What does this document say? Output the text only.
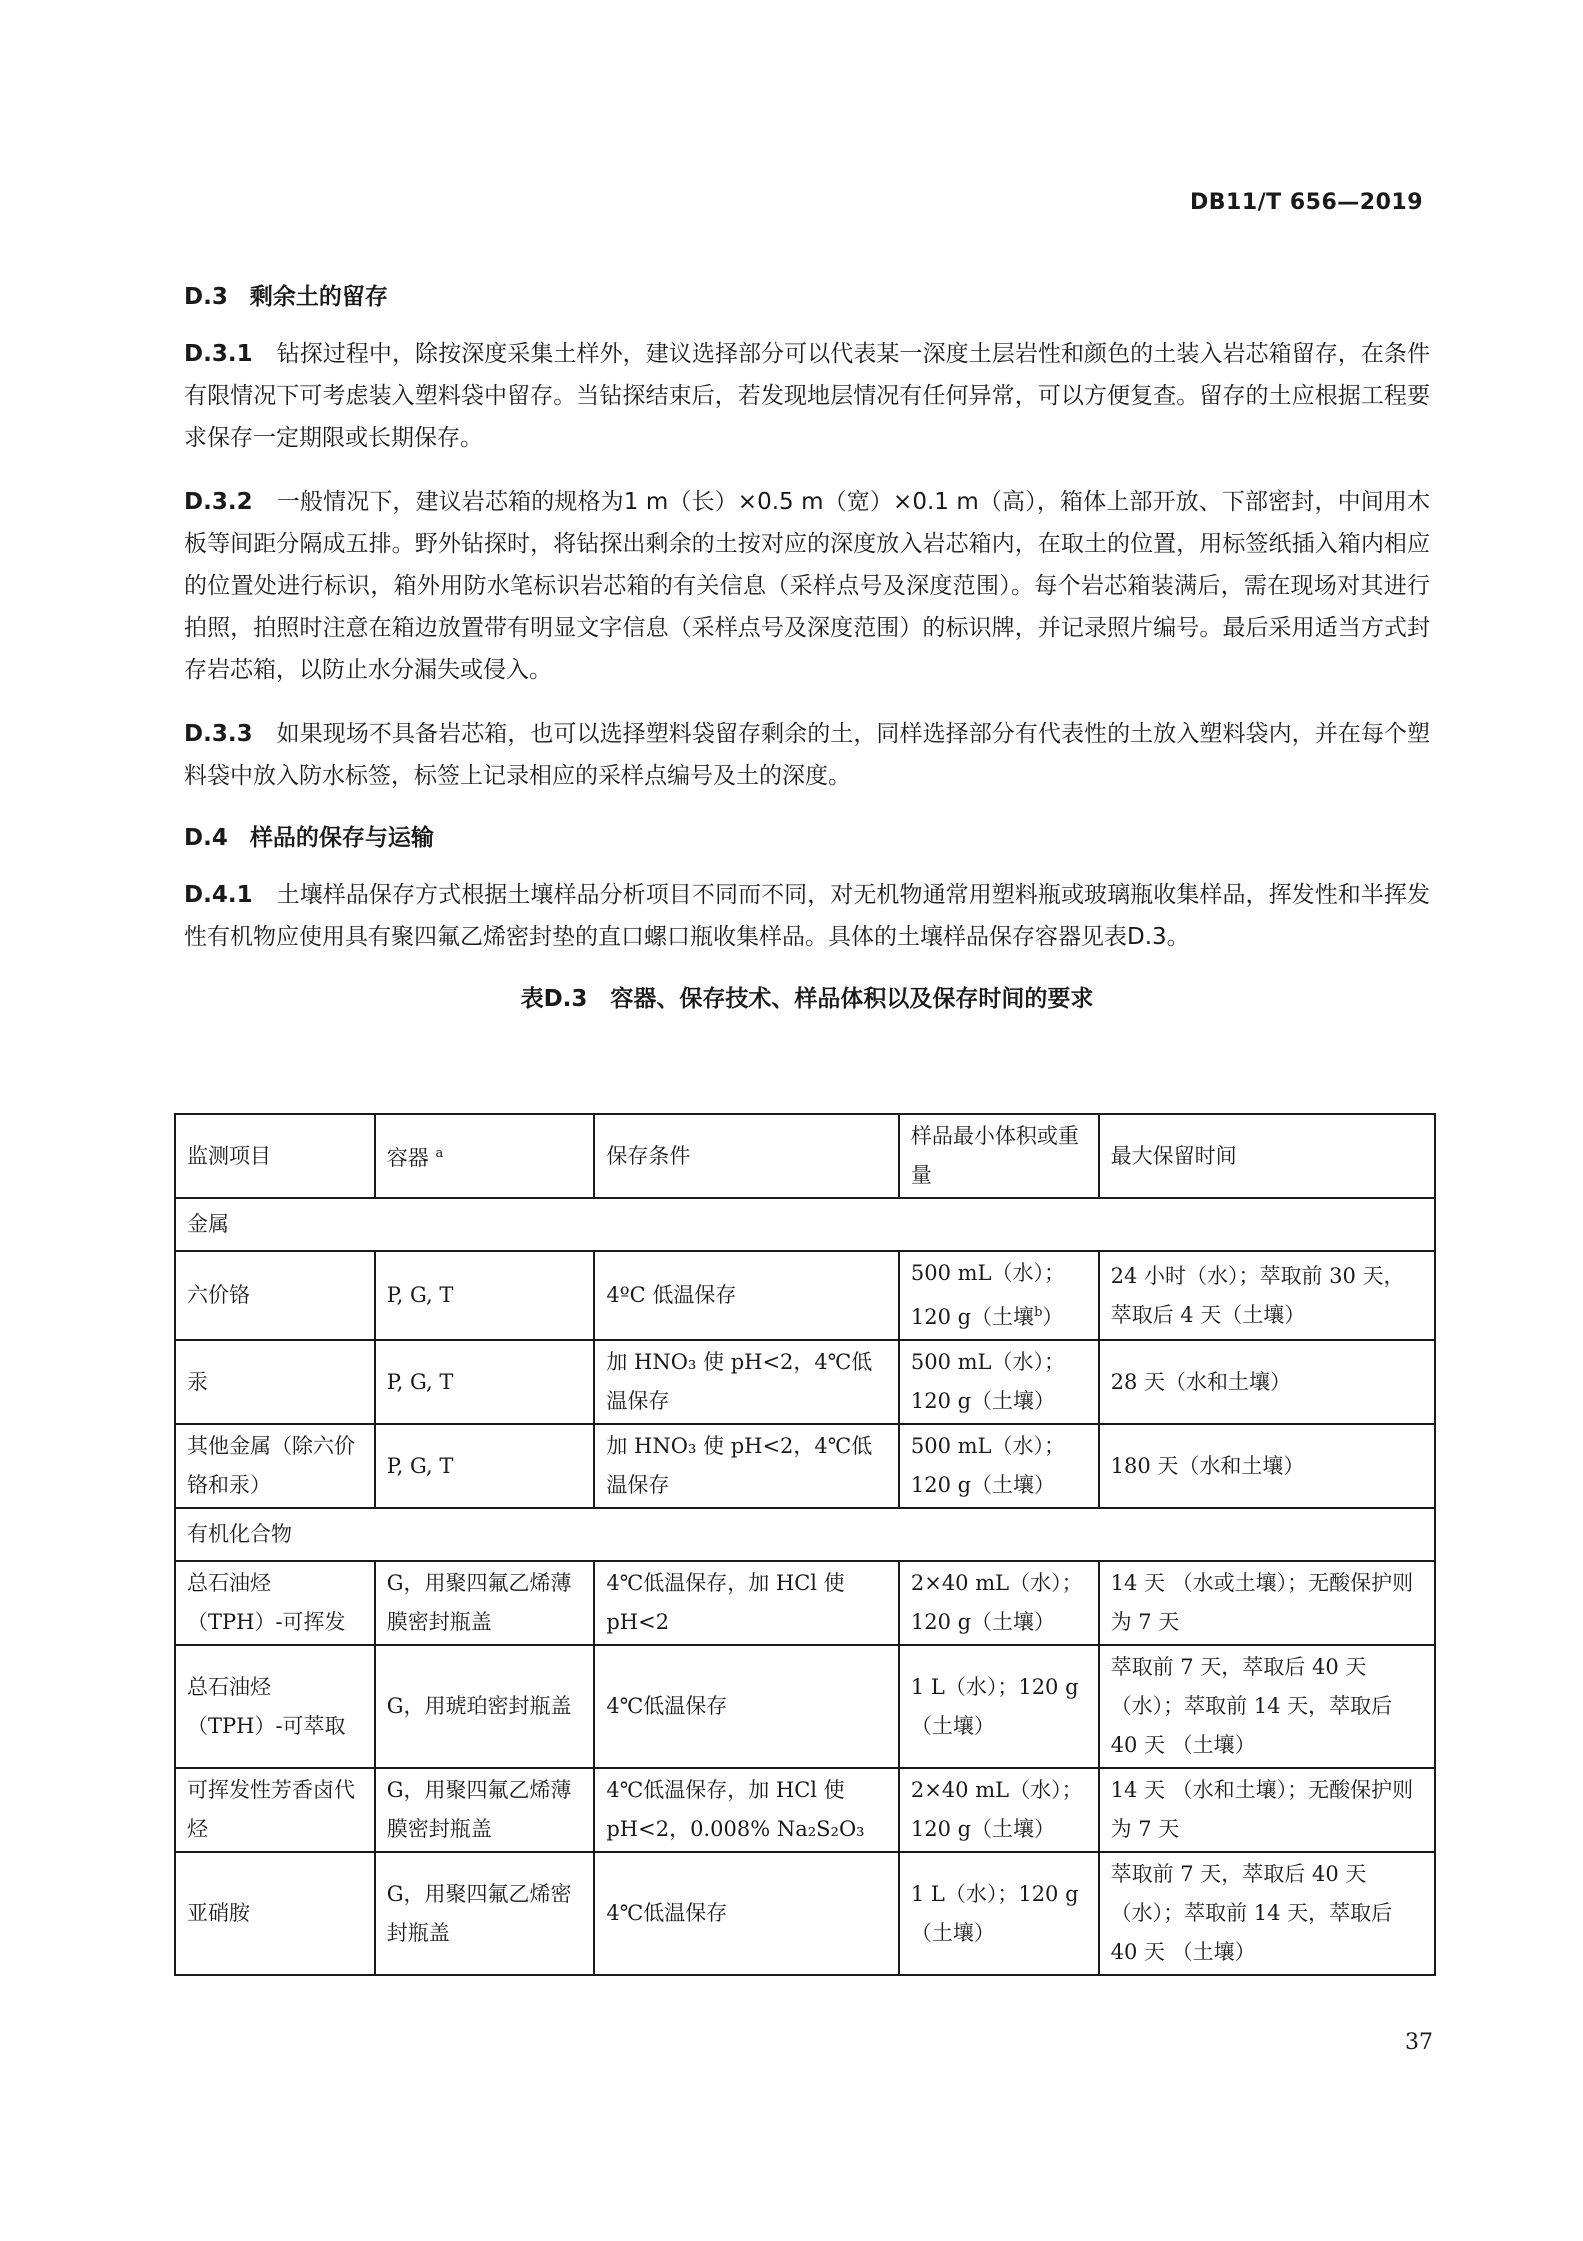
DB11/T 656—2019
D.3 剩余土的留存

D.3.1 钻探过程中，除按深度采集土样外，建议选择部分可以代表某一深度土层岩性和颜色的土装入岩芯箱留存，在条件有限情况下可考虑装入塑料袋中留存。当钻探结束后，若发现地层情况有任何异常，可以方便复查。留存的土应根据工程要求保存一定期限或长期保存。

D.3.2 一般情况下，建议岩芯箱的规格为1 m（长）×0.5 m（宽）×0.1 m（高），箱体上部开放、下部密封，中间用木板等间距分隔成五排。野外钻探时，将钻探出剩余的土按对应的深度放入岩芯箱内，在取土的位置，用标签纸插入箱内相应的位置处进行标识，箱外用防水笔标识岩芯箱的有关信息（采样点号及深度范围）。每个岩芯箱装满后，需在现场对其进行拍照，拍照时注意在箱边放置带有明显文字信息（采样点号及深度范围）的标识牌，并记录照片编号。最后采用适当方式封存岩芯箱，以防止水分漏失或侵入。

D.3.3 如果现场不具备岩芯箱，也可以选择塑料袋留存剩余的土，同样选择部分有代表性的土放入塑料袋内，并在每个塑料袋中放入防水标签，标签上记录相应的采样点编号及土的深度。

D.4 样品的保存与运输

D.4.1 土壤样品保存方式根据土壤样品分析项目不同而不同，对无机物通常用塑料瓶或玻璃瓶收集样品，挥发性和半挥发性有机物应使用具有聚四氟乙烯密封垫的直口螺口瓶收集样品。具体的土壤样品保存容器见表D.3。

表D.3　容器、保存技术、样品体积以及保存时间的要求
监测项目	容器 $^a$	保存条件	样品最小体积或重量	最大保留时间
金属				
六价铬	P, G, T	4ºC 低温保存	500 mL（水）；120 g（土壤$^b$）	24 小时（水）；萃取前 30 天，萃取后 4 天（土壤）
汞	P, G, T	加 HNO₃ 使 pH<2，4℃低温保存	500 mL（水）；120 g（土壤）	28 天（水和土壤）
其他金属（除六价铬和汞）	P, G, T	加 HNO₃ 使 pH<2，4℃低温保存	500 mL（水）；120 g（土壤）	180 天（水和土壤）
有机化合物				
总石油烃（TPH）-可挥发	G，用聚四氟乙烯薄膜密封瓶盖	4℃低温保存，加 HCl 使 pH<2	2×40 mL（水）；120 g（土壤）	14 天 （水或土壤）；无酸保护则为 7 天
总石油烃（TPH）-可萃取	G，用琥珀密封瓶盖	4℃低温保存	1 L（水）；120 g（土壤）	萃取前 7 天，萃取后 40 天（水）；萃取前 14 天，萃取后 40 天 （土壤）
可挥发性芳香卤代烃	G，用聚四氟乙烯薄膜密封瓶盖	4℃低温保存，加 HCl 使 pH<2，0.008% Na₂S₂O₃	2×40 mL（水）；120 g（土壤）	14 天 （水和土壤）；无酸保护则为 7 天
亚硝胺	G，用聚四氟乙烯密封瓶盖	4℃低温保存	1 L（水）；120 g（土壤）	萃取前 7 天，萃取后 40 天（水）；萃取前 14 天，萃取后 40 天 （土壤）
37
